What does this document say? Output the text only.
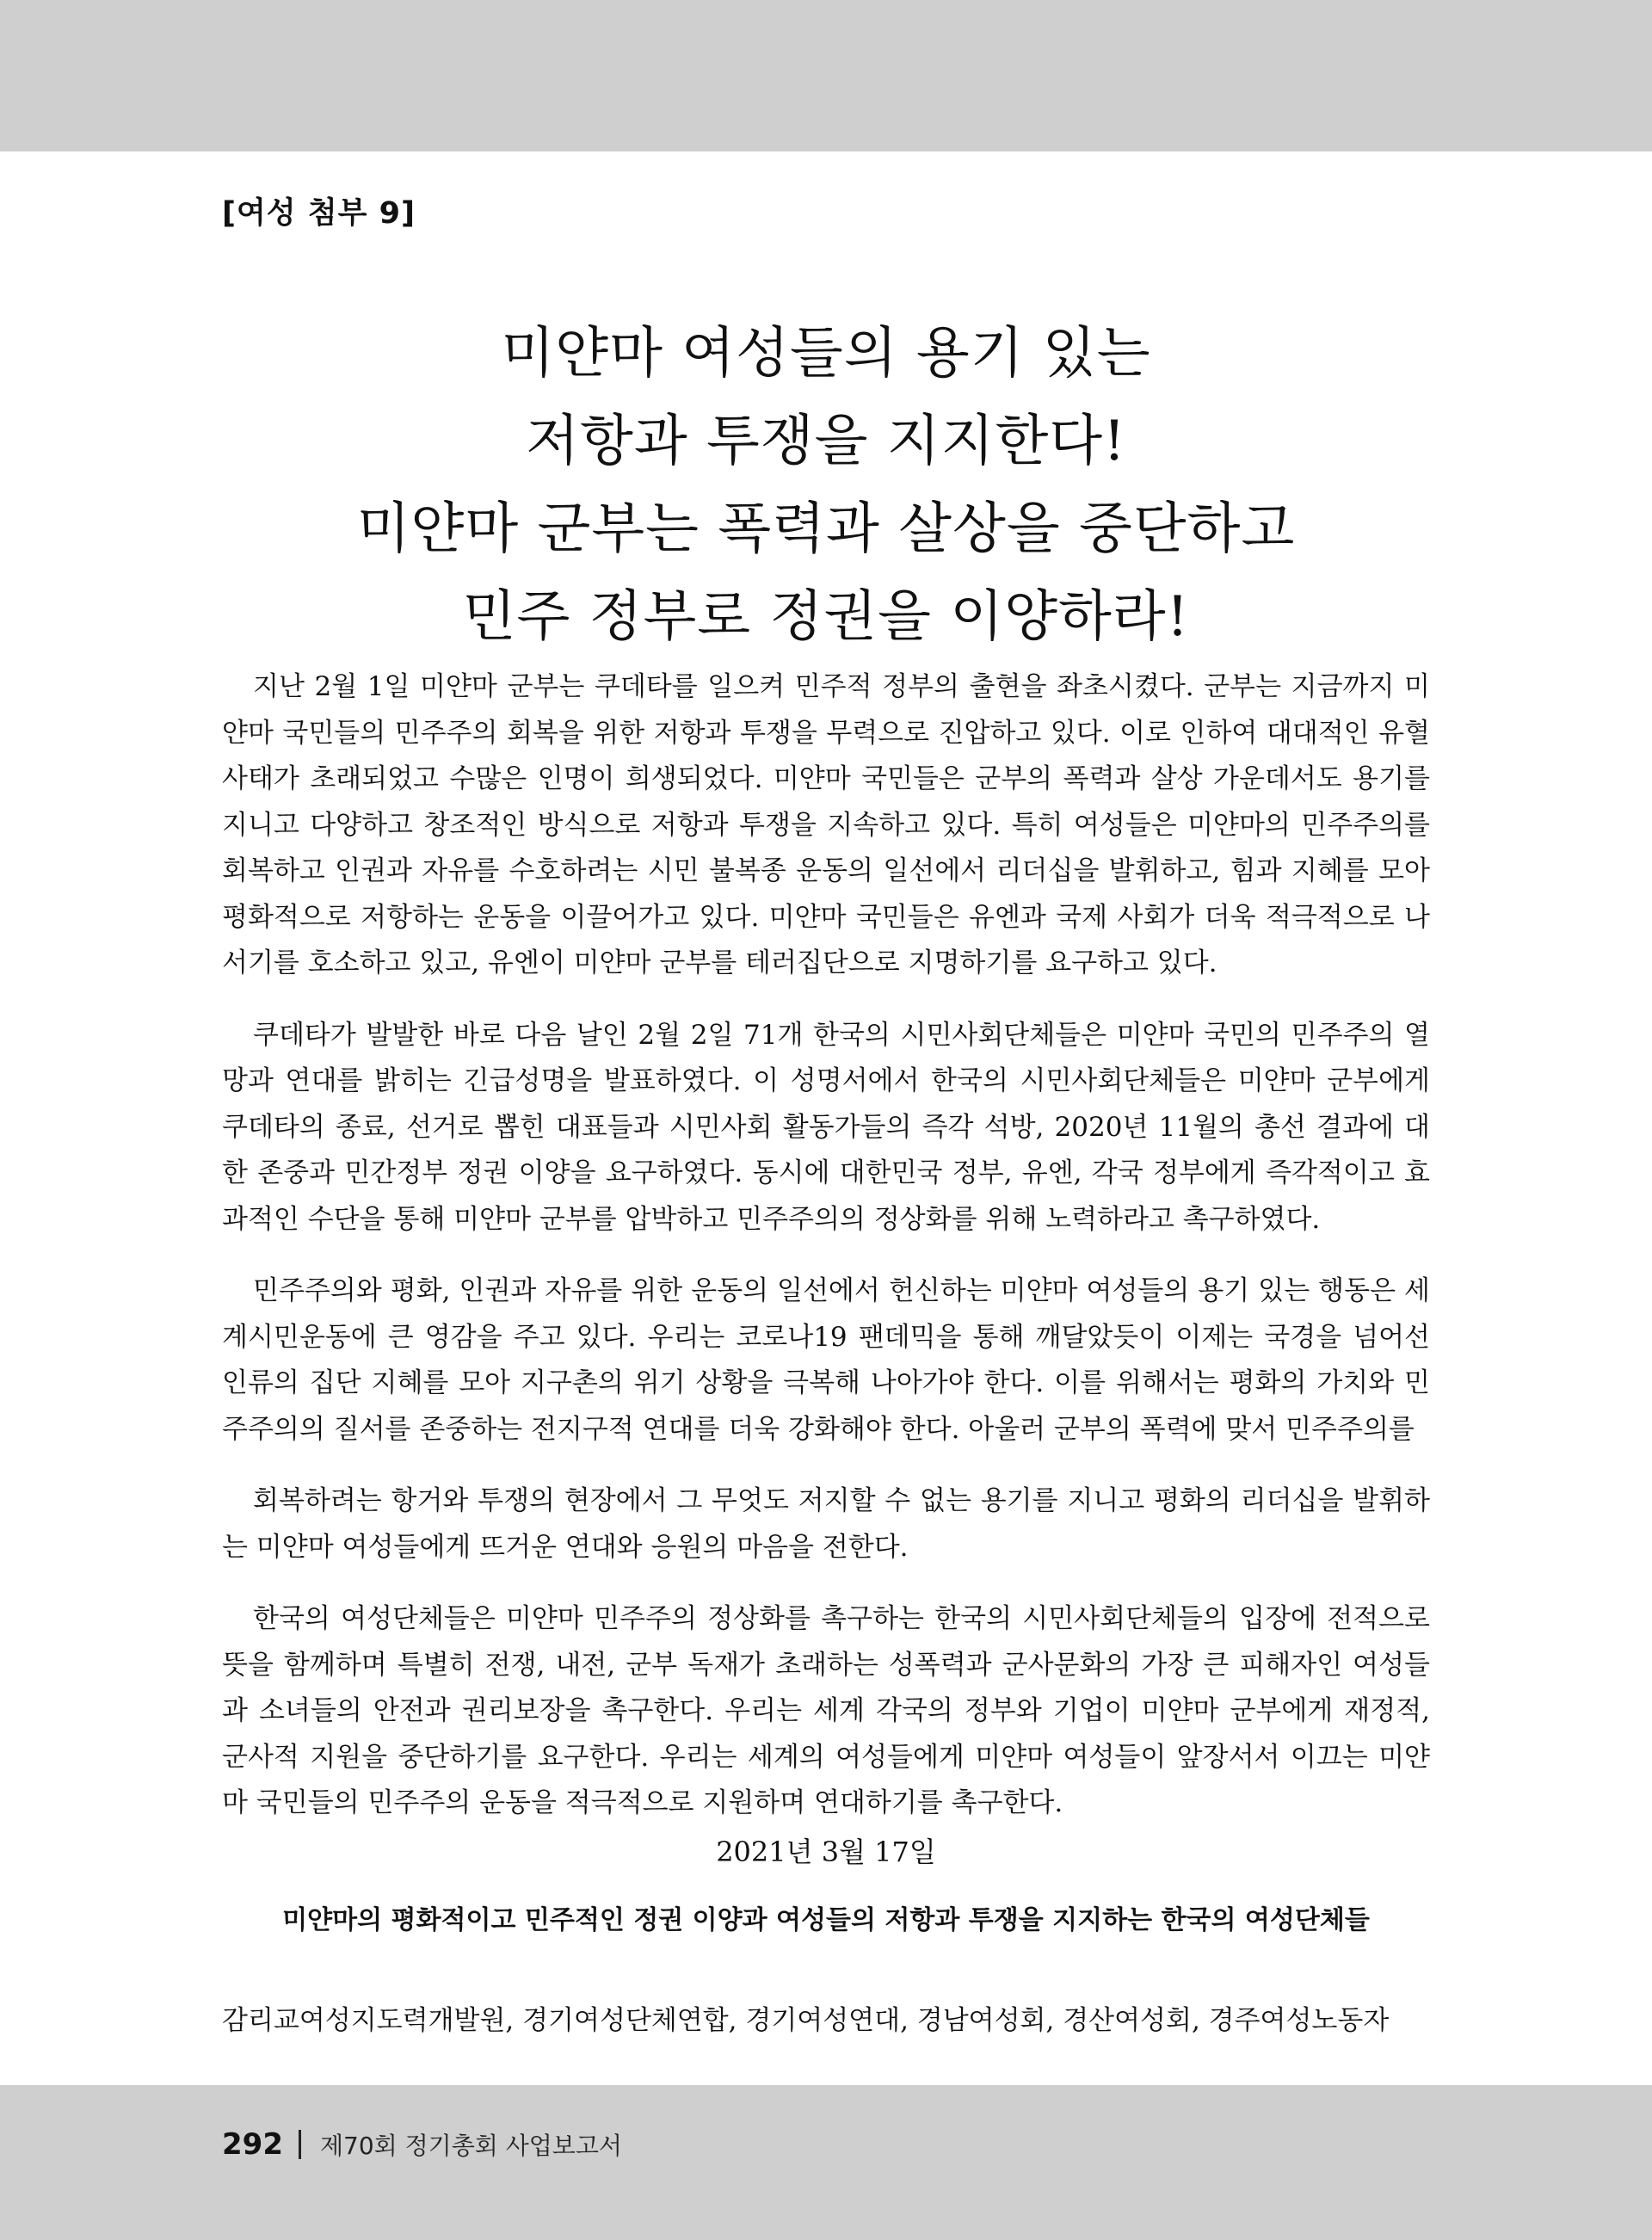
[여성 첨부 9]
미얀마 여성들의 용기 있는
저항과 투쟁을 지지한다!
미얀마 군부는 폭력과 살상을 중단하고
민주 정부로 정권을 이양하라!

지난 2월 1일 미얀마 군부는 쿠데타를 일으켜 민주적 정부의 출현을 좌초시켰다. 군부는 지금까지 미얀마 국민들의 민주주의 회복을 위한 저항과 투쟁을 무력으로 진압하고 있다. 이로 인하여 대대적인 유혈사태가 초래되었고 수많은 인명이 희생되었다. 미얀마 국민들은 군부의 폭력과 살상 가운데서도 용기를 지니고 다양하고 창조적인 방식으로 저항과 투쟁을 지속하고 있다. 특히 여성들은 미얀마의 민주주의를 회복하고 인권과 자유를 수호하려는 시민 불복종 운동의 일선에서 리더십을 발휘하고, 힘과 지혜를 모아 평화적으로 저항하는 운동을 이끌어가고 있다. 미얀마 국민들은 유엔과 국제 사회가 더욱 적극적으로 나서기를 호소하고 있고, 유엔이 미얀마 군부를 테러집단으로 지명하기를 요구하고 있다.

쿠데타가 발발한 바로 다음 날인 2월 2일 71개 한국의 시민사회단체들은 미얀마 국민의 민주주의 열망과 연대를 밝히는 긴급성명을 발표하였다. 이 성명서에서 한국의 시민사회단체들은 미얀마 군부에게 쿠데타의 종료, 선거로 뽑힌 대표들과 시민사회 활동가들의 즉각 석방, 2020년 11월의 총선 결과에 대한 존중과 민간정부 정권 이양을 요구하였다. 동시에 대한민국 정부, 유엔, 각국 정부에게 즉각적이고 효과적인 수단을 통해 미얀마 군부를 압박하고 민주주의의 정상화를 위해 노력하라고 촉구하였다.

민주주의와 평화, 인권과 자유를 위한 운동의 일선에서 헌신하는 미얀마 여성들의 용기 있는 행동은 세계시민운동에 큰 영감을 주고 있다. 우리는 코로나19 팬데믹을 통해 깨달았듯이 이제는 국경을 넘어선 인류의 집단 지혜를 모아 지구촌의 위기 상황을 극복해 나아가야 한다. 이를 위해서는 평화의 가치와 민주주의의 질서를 존중하는 전지구적 연대를 더욱 강화해야 한다. 아울러 군부의 폭력에 맞서 민주주의를

회복하려는 항거와 투쟁의 현장에서 그 무엇도 저지할 수 없는 용기를 지니고 평화의 리더십을 발휘하는 미얀마 여성들에게 뜨거운 연대와 응원의 마음을 전한다.

한국의 여성단체들은 미얀마 민주주의 정상화를 촉구하는 한국의 시민사회단체들의 입장에 전적으로 뜻을 함께하며 특별히 전쟁, 내전, 군부 독재가 초래하는 성폭력과 군사문화의 가장 큰 피해자인 여성들과 소녀들의 안전과 권리보장을 촉구한다. 우리는 세계 각국의 정부와 기업이 미얀마 군부에게 재정적, 군사적 지원을 중단하기를 요구한다. 우리는 세계의 여성들에게 미얀마 여성들이 앞장서서 이끄는 미얀마 국민들의 민주주의 운동을 적극적으로 지원하며 연대하기를 촉구한다.

2021년 3월 17일
미얀마의 평화적이고 민주적인 정권 이양과 여성들의 저항과 투쟁을 지지하는 한국의 여성단체들
감리교여성지도력개발원, 경기여성단체연합, 경기여성연대, 경남여성회, 경산여성회, 경주여성노동자
292 제70회 정기총회 사업보고서
